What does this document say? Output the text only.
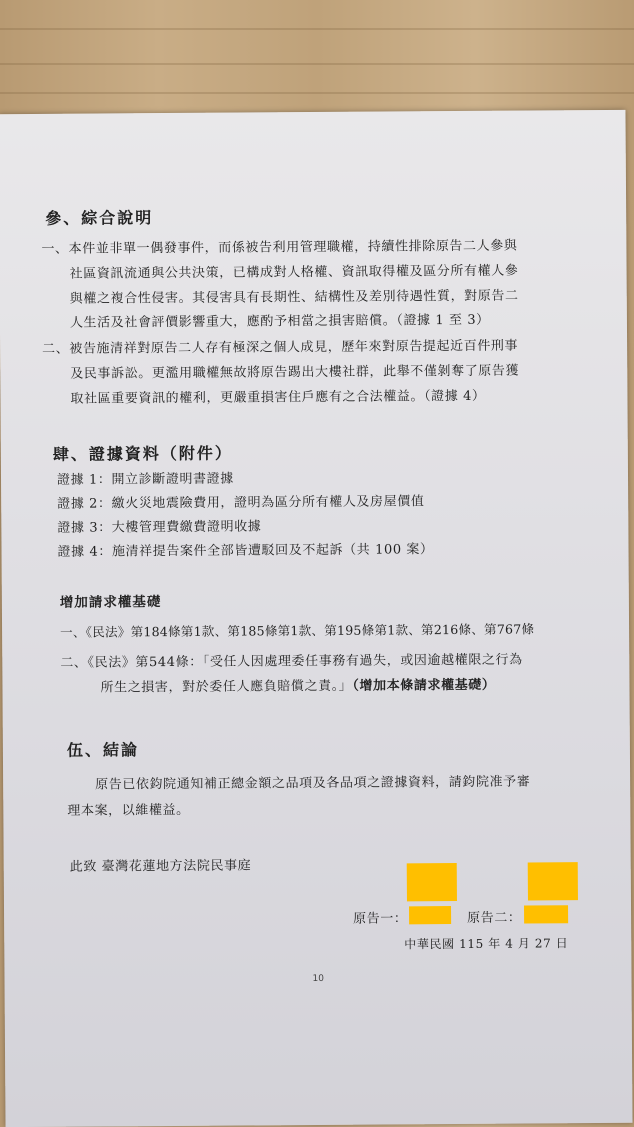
參、綜合說明
一、本件並非單一偶發事件，而係被告利用管理職權，持續性排除原告二人參與
社區資訊流通與公共決策，已構成對人格權、資訊取得權及區分所有權人參
與權之複合性侵害。其侵害具有長期性、結構性及差別待遇性質，對原告二
人生活及社會評價影響重大，應酌予相當之損害賠償。（證據 1 至 3）
二、被告施清祥對原告二人存有極深之個人成見，歷年來對原告提起近百件刑事
及民事訴訟。更濫用職權無故將原告踢出大樓社群，此舉不僅剝奪了原告獲
取社區重要資訊的權利，更嚴重損害住戶應有之合法權益。（證據 4）
肆、證據資料（附件）
證據 1：開立診斷證明書證據
證據 2：繳火災地震險費用，證明為區分所有權人及房屋價值
證據 3：大樓管理費繳費證明收據
證據 4：施清祥提告案件全部皆遭駁回及不起訴（共 100 案）
增加請求權基礎
一、《民法》第184條第1款、第185條第1款、第195條第1款、第216條、第767條
二、《民法》第544條：「受任人因處理委任事務有過失，或因逾越權限之行為
所生之損害，對於委任人應負賠償之責。」（增加本條請求權基礎）
伍、結論
原告已依鈞院通知補正總金額之品項及各品項之證據資料，請鈞院准予審
理本案，以維權益。
此致 臺灣花蓮地方法院民事庭
原告一：	原告二：
中華民國 115 年 4 月 27 日
10
